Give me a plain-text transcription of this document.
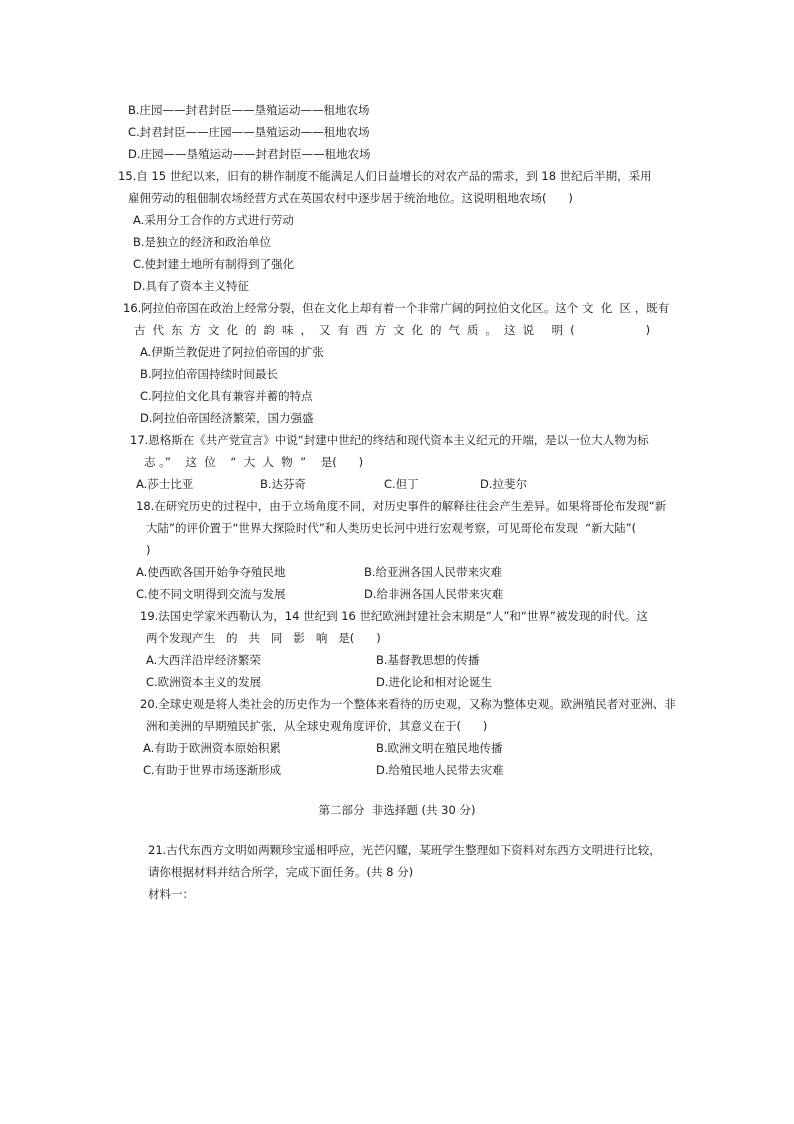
B.庄园——封君封臣——垦殖运动——租地农场
C.封君封臣——庄园——垦殖运动——租地农场
D.庄园——垦殖运动——封君封臣——租地农场
15.自 15 世纪以来，旧有的耕作制度不能满足人们日益增长的对农产品的需求，到 18 世纪后半期，采用
雇佣劳动的租佃制农场经营方式在英国农村中逐步居于统治地位。这说明租地农场(      )
A.采用分工合作的方式进行劳动
B.是独立的经济和政治单位
C.使封建土地所有制得到了强化
D.具有了资本主义特征
16.阿拉伯帝国在政治上经常分裂，但在文化上却有着一个非常广阔的阿拉伯文化区。这个 文  化  区 ，既有
古代东方文化的韵味，又有西方文化的气质。这说 明(      )
A.伊斯兰教促进了阿拉伯帝国的扩张
B.阿拉伯帝国持续时间最长
C.阿拉伯文化具有兼容并蓄的特点
D.阿拉伯帝国经济繁荣，国力强盛
17.恩格斯在《共产党宣言》中说“封建中世纪的终结和现代资本主义纪元的开端，是以一位大人物为标
志 。”    这  位    “  大  人  物  ”    是(      )
A.莎士比亚	B.达芬奇	C.但丁	D.拉斐尔
18.在研究历史的过程中，由于立场角度不同，对历史事件的解释往往会产生差异。如果将哥伦布发现“新
大陆”的评价置于“世界大探险时代”和人类历史长河中进行宏观考察，可见哥伦布发现  “新大陆”(
)
A.使西欧各国开始争夺殖民地	B.给亚洲各国人民带来灾难
C.使不同文明得到交流与发展	D.给非洲各国人民带来灾难
19.法国史学家米西勒认为，14 世纪到 16 世纪欧洲封建社会末期是“人”和“世界”被发现的时代。这
两个发现产生   的   共   同   影   响   是(      )
A.大西洋沿岸经济繁荣	B.基督教思想的传播
C.欧洲资本主义的发展	D.进化论和相对论诞生
20.全球史观是将人类社会的历史作为一个整体来看待的历史观，又称为整体史观。欧洲殖民者对亚洲、非
洲和美洲的早期殖民扩张，从全球史观角度评价，其意义在于(      )
A.有助于欧洲资本原始积累	B.欧洲文明在殖民地传播
C.有助于世界市场逐渐形成	D.给殖民地人民带去灾难
第二部分  非选择题 (共 30 分)
21.古代东西方文明如两颗珍宝遥相呼应，光芒闪耀，某班学生整理如下资料对东西方文明进行比较，
请你根据材料并结合所学，完成下面任务。(共 8 分)
材料一：
